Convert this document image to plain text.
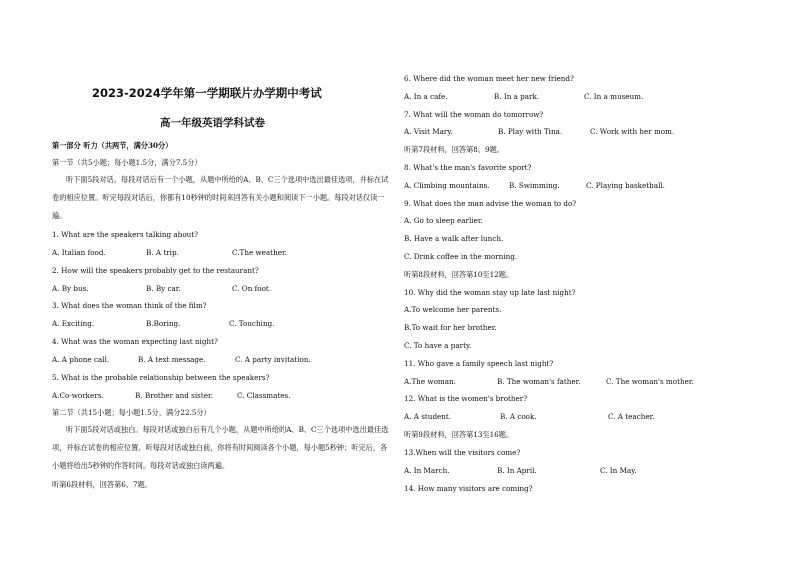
2023-2024学年第一学期联片办学期中考试
高一年级英语学科试卷
第一部分 听力（共两节，满分30分）
第一节（共5小题；每小题1.5分，满分7.5分）
听下面5段对话。每段对话后有一个小题，从题中所给的A、B、C三个选项中选出最佳选项，并标在试卷的相应位置。听完每段对话后，你都有10秒钟的时间来回答有关小题和阅读下一小题。每段对话仅读一遍。
1. What are the speakers talking about?
A. Italian food.	B. A trip.	C.The weather.
2. How will the speakers probably get to the restaurant?
A. By bus.	B. By car.	C. On foot.
3. What does the woman think of the film?
A. Exciting.	B.Boring.	C. Touching.
4. What was the woman expecting last night?
A. A phone call.	B. A text message.	C. A party invitation.
5. What is the probable relationship between the speakers?
A.Co-workers.	B. Brother and sister.	C. Classmates.
第二节（共15小题；每小题1.5分，满分22.5分）
听下面5段对话或独白。每段对话或独白后有几个小题，从题中所给的A、B、C三个选项中选出最佳选项，并标在试卷的相应位置。听每段对话或独白前，你将有时间阅读各个小题，每小题5秒钟；听完后，各小题将给出5秒钟的作答时间。每段对话或独白读两遍。
听第6段材料，回答第6、7题。
6. Where did the woman meet her new friend?
A. In a cafe.	B. In a park.	C. In a museum.
7. What will the woman do tomorrow?
A. Visit Mary.	B. Play with Tina.	C. Work with her mom.
听第7段材料，回答第8、9题。
8. What's the man's favorite sport?
A. Climbing mountains.	B. Swimming.	C. Playing basketball.
9. What does the man advise the woman to do?
A. Go to sleep earlier.
B. Have a walk after lunch.
C. Drink coffee in the morning.
听第8段材料，回答第10至12题。
10. Why did the woman stay up late last night?
A.To welcome her parents.
B.To wait for her brother.
C. To have a party.
11. Who gave a family speech last night?
A.The woman.	B. The woman's father.	C. The woman's mother.
12. What is the women's brother?
A. A student.	B. A cook.	C. A teacher.
听第9段材料，回答第13至16题。
13.When will the visitors come?
A. In March.	B. In April.	C. In May.
14. How many visitors are coming?
